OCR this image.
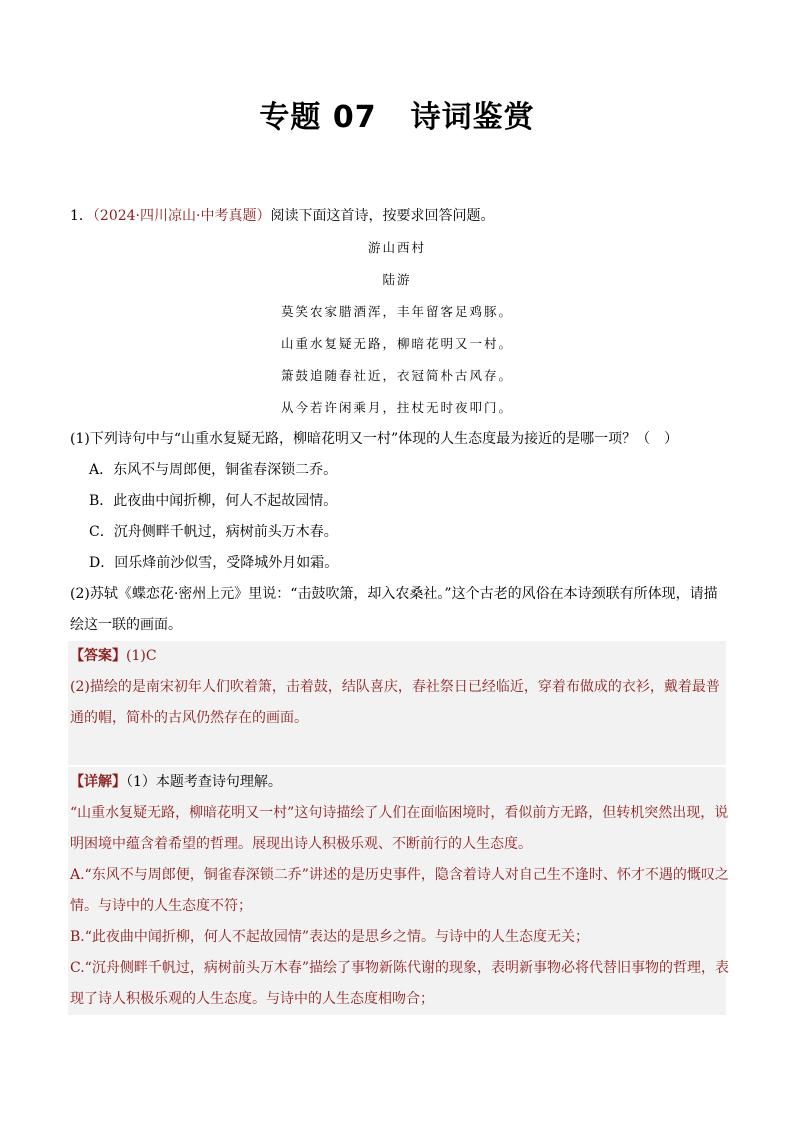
专题 07 诗词鉴赏
1．（2024·四川凉山·中考真题）阅读下面这首诗，按要求回答问题。
游山西村
陆游
莫笑农家腊酒浑，丰年留客足鸡豚。
山重水复疑无路，柳暗花明又一村。
箫鼓追随春社近，衣冠简朴古风存。
从今若许闲乘月，拄杖无时夜叩门。
(1)下列诗句中与“山重水复疑无路，柳暗花明又一村”体现的人生态度最为接近的是哪一项？（　）
A．东风不与周郎便，铜雀春深锁二乔。
B．此夜曲中闻折柳，何人不起故园情。
C．沉舟侧畔千帆过，病树前头万木春。
D．回乐烽前沙似雪，受降城外月如霜。
(2)苏轼《蝶恋花·密州上元》里说：“击鼓吹箫，却入农桑社。”这个古老的风俗在本诗颈联有所体现，请描
绘这一联的画面。
【答案】(1)C
(2)描绘的是南宋初年人们吹着箫，击着鼓，结队喜庆，春社祭日已经临近，穿着布做成的衣衫，戴着最普
通的帽，简朴的古风仍然存在的画面。
【详解】（1）本题考查诗句理解。
“山重水复疑无路，柳暗花明又一村”这句诗描绘了人们在面临困境时，看似前方无路，但转机突然出现，说
明困境中蕴含着希望的哲理。展现出诗人积极乐观、不断前行的人生态度。
A.“东风不与周郎便，铜雀春深锁二乔”讲述的是历史事件，隐含着诗人对自己生不逢时、怀才不遇的慨叹之
情。与诗中的人生态度不符；
B.“此夜曲中闻折柳，何人不起故园情”表达的是思乡之情。与诗中的人生态度无关；
C.“沉舟侧畔千帆过，病树前头万木春”描绘了事物新陈代谢的现象，表明新事物必将代替旧事物的哲理，表
现了诗人积极乐观的人生态度。与诗中的人生态度相吻合；
